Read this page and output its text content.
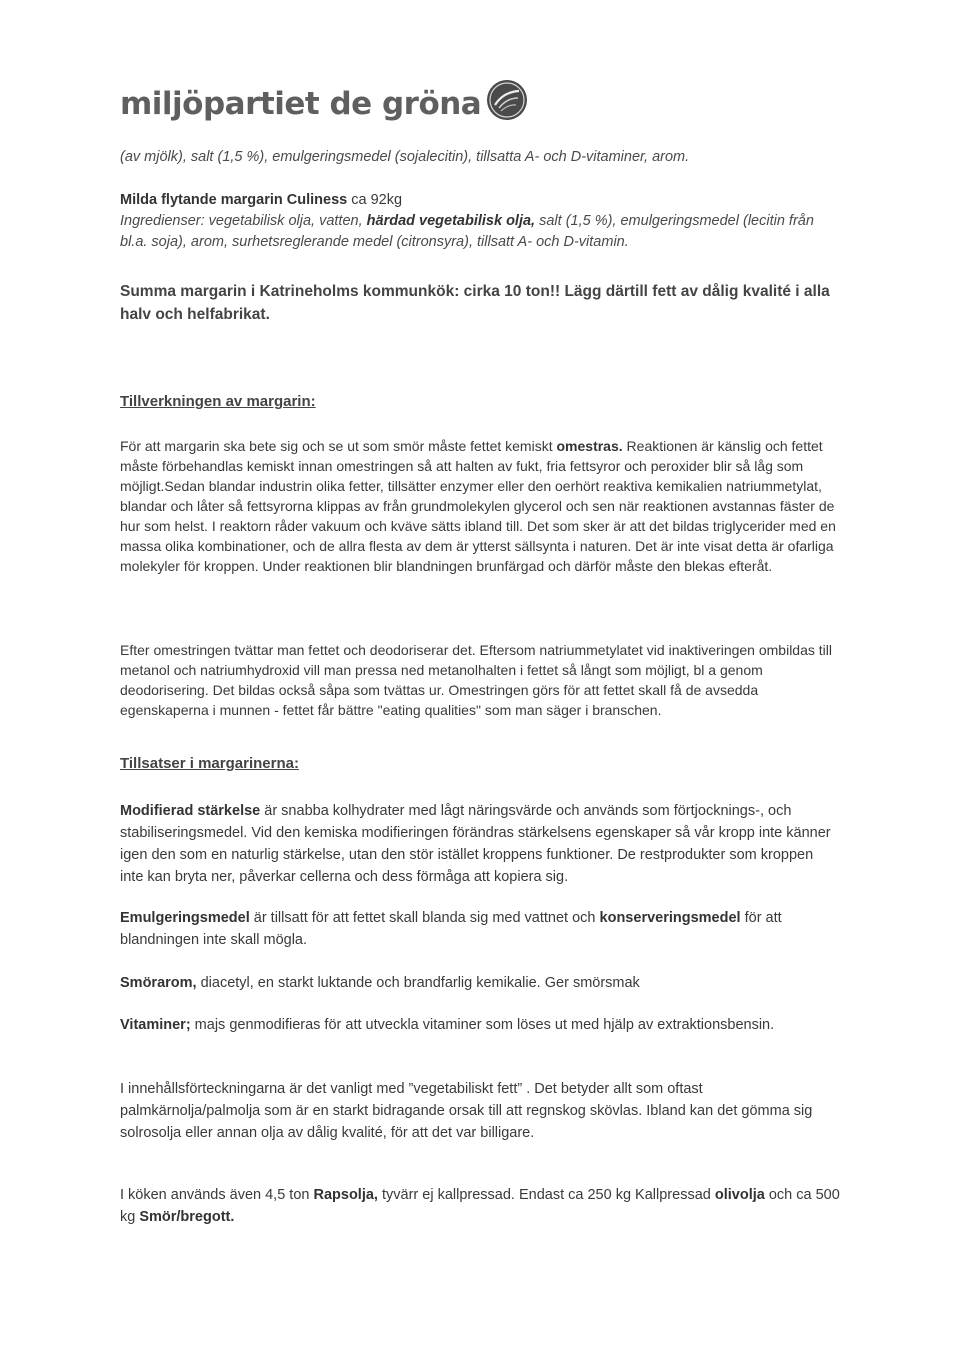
miljöpartiet de gröna

(av mjölk), salt (1,5 %), emulgeringsmedel (sojalecitin), tillsatta A- och D-vitaminer, arom.

Milda flytande margarin Culiness ca 92kg

Ingredienser: vegetabilisk olja, vatten, härdad vegetabilisk olja, salt (1,5 %), emulgeringsmedel (lecitin från bl.a. soja), arom, surhetsreglerande medel (citronsyra), tillsatt A- och D-vitamin.

Summa margarin i Katrineholms kommunkök: cirka 10 ton!! Lägg därtill fett av dålig kvalité i alla halv och helfabrikat.

Tillverkningen av margarin:

För att margarin ska bete sig och se ut som smör måste fettet kemiskt omestras. Reaktionen är känslig och fettet måste förbehandlas kemiskt innan omestringen så att halten av fukt, fria fettsyror och peroxider blir så låg som möjligt.Sedan blandar industrin olika fetter, tillsätter enzymer eller den oerhört reaktiva kemikalien natriummetylat, blandar och låter så fettsyrorna klippas av från grundmolekylen glycerol och sen när reaktionen avstannas fäster de hur som helst. I reaktorn råder vakuum och kväve sätts ibland till. Det som sker är att det bildas triglycerider med en massa olika kombinationer, och de allra flesta av dem är ytterst sällsynta i naturen. Det är inte visat detta är ofarliga molekyler för kroppen. Under reaktionen blir blandningen brunfärgad och därför måste den blekas efteråt.

Efter omestringen tvättar man fettet och deodoriserar det. Eftersom natriummetylatet vid inaktiveringen ombildas till metanol och natriumhydroxid vill man pressa ned metanolhalten i fettet så långt som möjligt, bl a genom deodorisering. Det bildas också såpa som tvättas ur. Omestringen görs för att fettet skall få de avsedda egenskaperna i munnen - fettet får bättre "eating qualities" som man säger i branschen.

Tillsatser i margarinerna:

Modifierad stärkelse är snabba kolhydrater med lågt näringsvärde och används som förtjocknings-, och stabiliseringsmedel. Vid den kemiska modifieringen förändras stärkelsens egenskaper så vår kropp inte känner igen den som en naturlig stärkelse, utan den stör istället kroppens funktioner. De restprodukter som kroppen inte kan bryta ner, påverkar cellerna och dess förmåga att kopiera sig.

Emulgeringsmedel är tillsatt för att fettet skall blanda sig med vattnet och konserveringsmedel för att blandningen inte skall mögla.

Smörarom, diacetyl, en starkt luktande och brandfarlig kemikalie. Ger smörsmak

Vitaminer; majs genmodifieras för att utveckla vitaminer som löses ut med hjälp av extraktionsbensin.

I innehållsförteckningarna är det vanligt med ”vegetabiliskt fett” . Det betyder allt som oftast palmkärnolja/palmolja som är en starkt bidragande orsak till att regnskog skövlas. Ibland kan det gömma sig solrosolja eller annan olja av dålig kvalité, för att det var billigare.

I köken används även 4,5 ton Rapsolja, tyvärr ej kallpressad. Endast ca 250 kg Kallpressad olivolja och ca 500 kg Smör/bregott.
